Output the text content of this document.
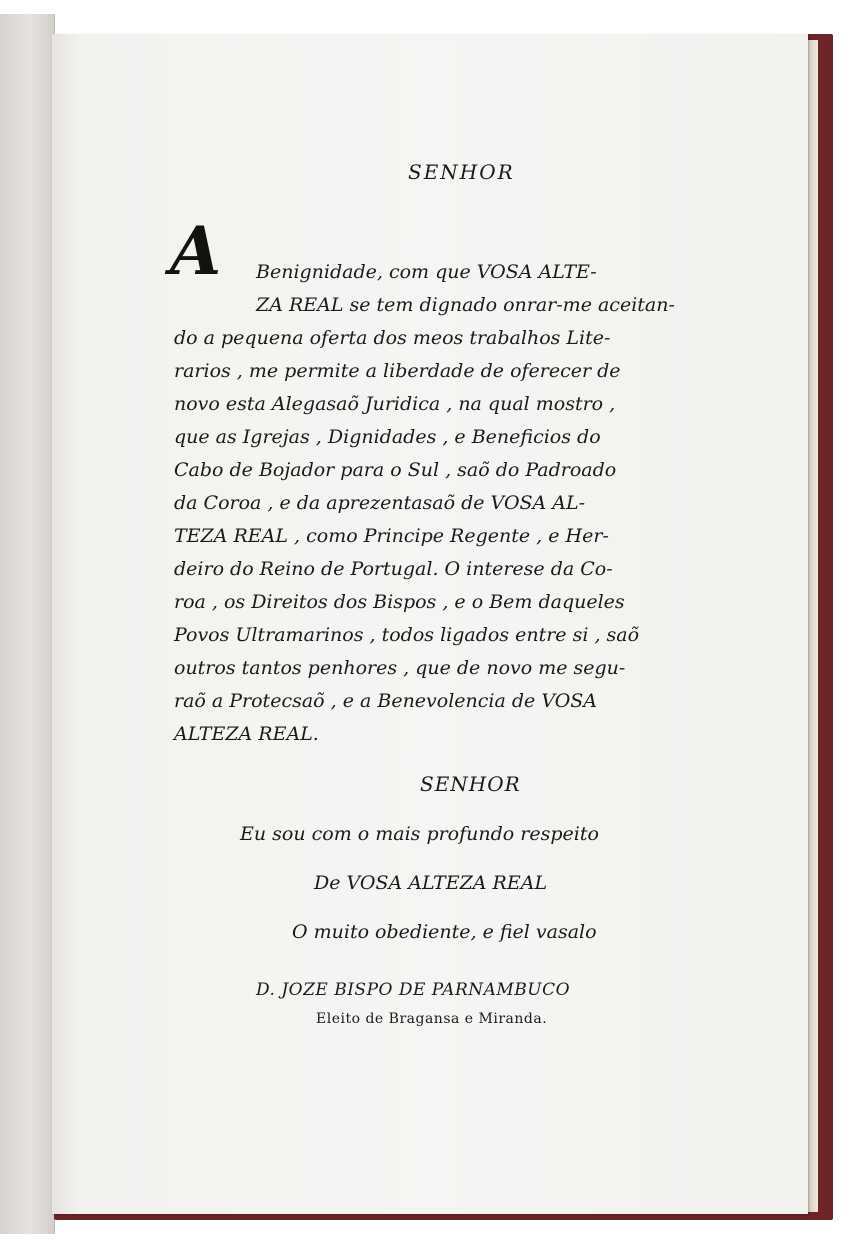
SENHOR
A Benignidade, com que VOSA ALTE-
ZA REAL se tem dignado onrar-me aceitan-
do a pequena oferta dos meos trabalhos Lite-
rarios , me permite a liberdade de oferecer de
novo esta Alegasaõ Juridica , na qual mostro ,
que as Igrejas , Dignidades , e Beneficios do
Cabo de Bojador para o Sul , saõ do Padroado
da Coroa , e da aprezentasaõ de VOSA AL-
TEZA REAL , como Principe Regente , e Her-
deiro do Reino de Portugal. O interese da Co-
roa , os Direitos dos Bispos , e o Bem daqueles
Povos Ultramarinos , todos ligados entre si , saõ
outros tantos penhores , que de novo me segu-
raõ a Protecsaõ , e a Benevolencia de VOSA
ALTEZA REAL.
SENHOR
Eu sou com o mais profundo respeito
De VOSA ALTEZA REAL
O muito obediente, e fiel vasalo
D. JOZE BISPO DE PARNAMBUCO
Eleito de Bragansa e Miranda.
